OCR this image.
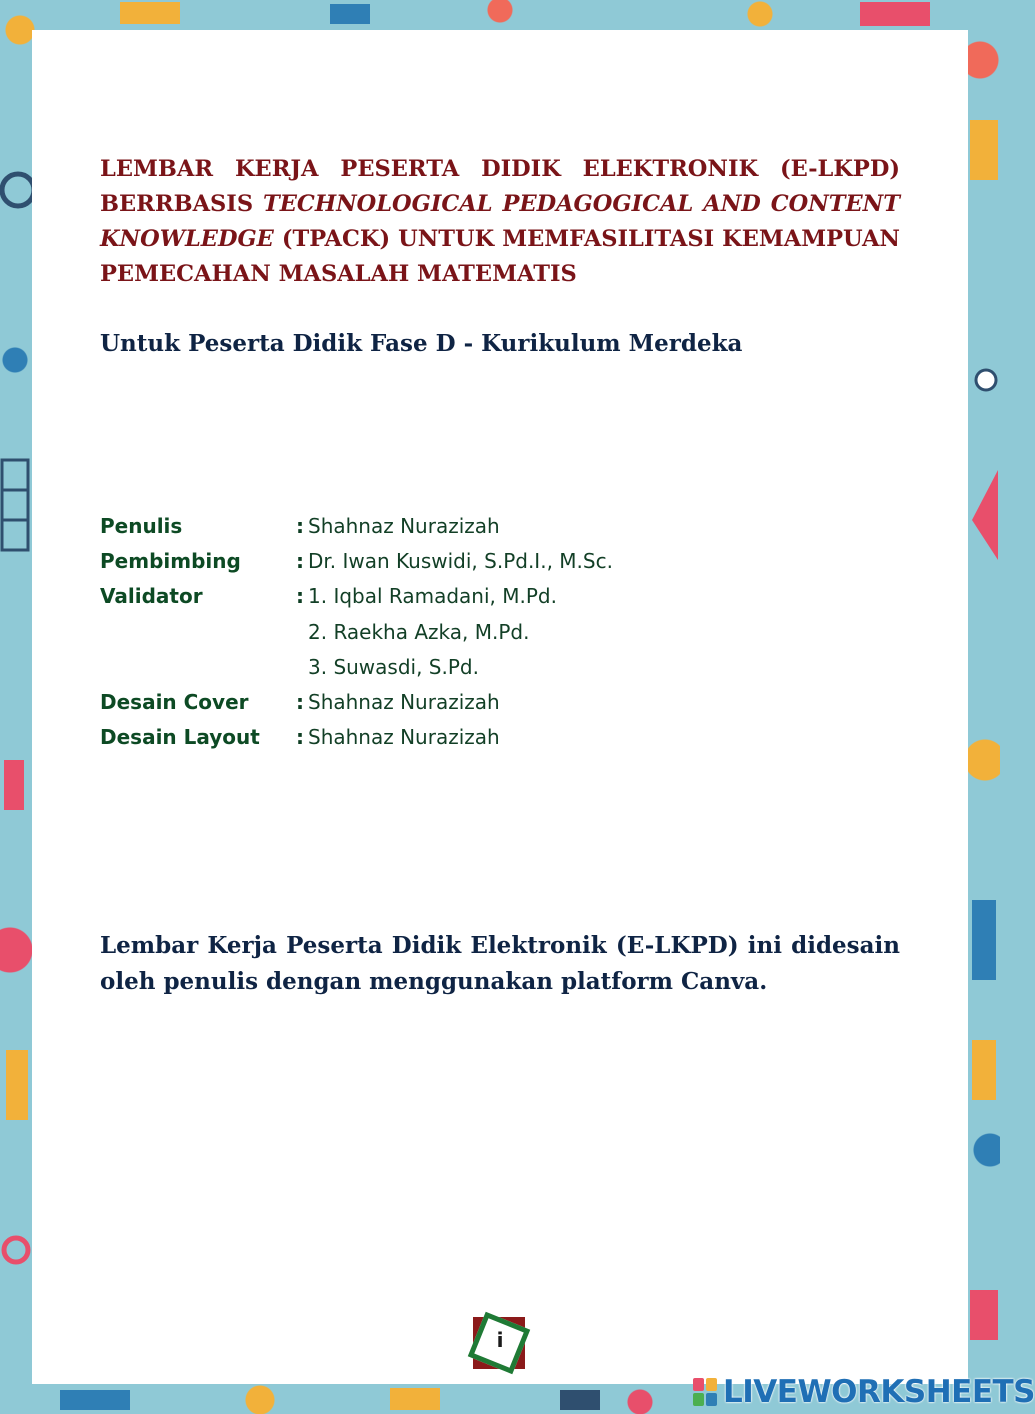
LEMBAR KERJA PESERTA DIDIK ELEKTRONIK (E-LKPD) BERRBASIS TECHNOLOGICAL PEDAGOGICAL AND CONTENT KNOWLEDGE (TPACK) UNTUK MEMFASILITASI KEMAMPUAN PEMECAHAN MASALAH MATEMATIS

Untuk Peserta Didik Fase D - Kurikulum Merdeka
Penulis	: Shahnaz Nurazizah
Pembimbing	: Dr. Iwan Kuswidi, S.Pd.I., M.Sc.
Validator	: 1. Iqbal Ramadani, M.Pd.
2. Raekha Azka, M.Pd.
3. Suwasdi, S.Pd.
Desain Cover	: Shahnaz Nurazizah
Desain Layout	: Shahnaz Nurazizah

Lembar Kerja Peserta Didik Elektronik (E-LKPD) ini didesain oleh penulis dengan menggunakan platform Canva.

i
LIVEWORKSHEETS
